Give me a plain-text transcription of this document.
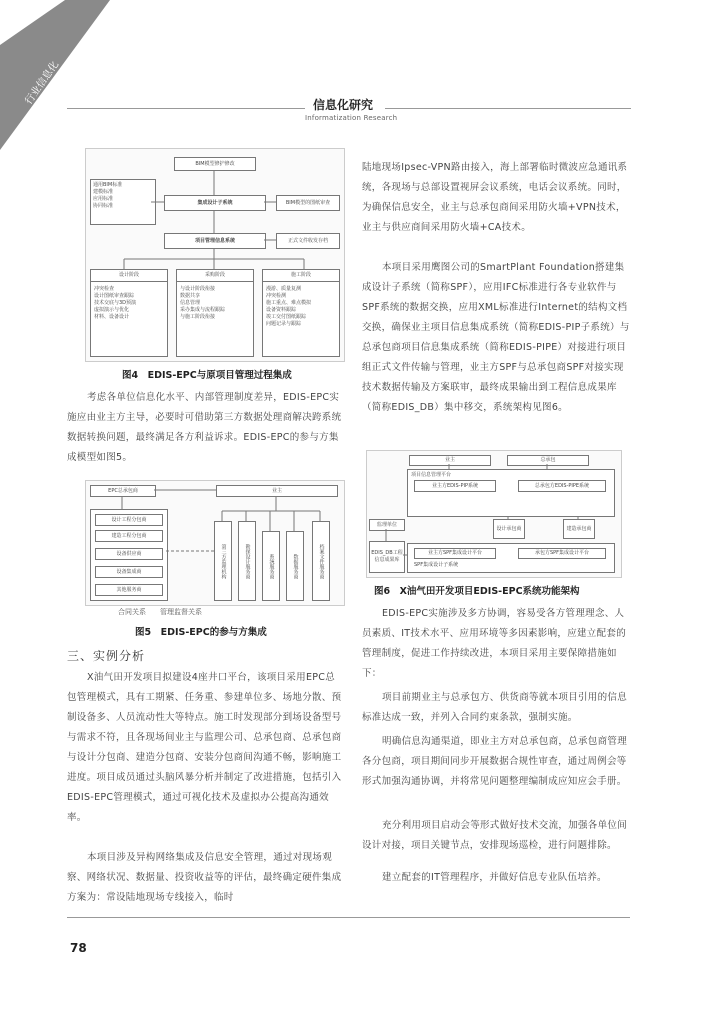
行业信息化	信息化研究
Informatization Research
BIM模型修护修改
集成设计子系统
通用BIM标准
建模标准
应用标准
协同标准
BIM模型的图纸审查
项目管理信息系统	正式文件收发存档
设计阶段
冲突检查
设计图纸审查跟踪
技术交底与3D预演
虚拟演示与优化
材料、设备设计
采购阶段
与设计阶段衔接
数据共享
信息管理
采办集成与流程跟踪
与施工阶段衔接
施工阶段
漫游、质量复测
冲突检测
施工重点、难点模拟
设备资料跟踪
竣工交付图纸跟踪
问题记录与跟踪
图4　EDIS-EPC与原项目管理过程集成
考虑各单位信息化水平、内部管理制度差异，EDIS-EPC实施应由业主方主导，必要时可借助第三方数据处理商解决跨系统数据转换问题，最终满足各方利益诉求。EDIS-EPC的参与方集成模型如图5。
EPC总承包商	业主
设计工程分包商
建造工程分包商
设备供应商
设备集成商
其他服务商
第三方监理机构	勘探设计服务商	系统服务商	数据服务商	档案文件服务商
合同关系　　管理监督关系
图5　EDIS-EPC的参与方集成
三、实例分析
X油气田开发项目拟建设4座井口平台，该项目采用EPC总包管理模式，具有工期紧、任务重、参建单位多、场地分散、预制设备多、人员流动性大等特点。施工时发现部分到场设备型号与需求不符，且各现场间业主与监理公司、总承包商、总承包商与设计分包商、建造分包商、安装分包商间沟通不畅，影响施工进度。项目成员通过头脑风暴分析并制定了改进措施，包括引入EDIS-EPC管理模式，通过可视化技术及虚拟办公提高沟通效率。
本项目涉及异构网络集成及信息安全管理，通过对现场观察、网络状况、数据量、投资收益等的评估，最终确定硬件集成方案为：常设陆地现场专线接入，临时
陆地现场Ipsec-VPN路由接入，海上部署临时微波应急通讯系统，各现场与总部设置视屏会议系统，电话会议系统。同时，为确保信息安全，业主与总承包商间采用防火墙+VPN技术，业主与供应商间采用防火墙+CA技术。
本项目采用鹰图公司的SmartPlant Foundation搭建集成设计子系统（简称SPF），应用IFC标准进行各专业软件与SPF系统的数据交换，应用XML标准进行Internet的结构文档交换，确保业主项目信息集成系统（简称EDIS-PIP子系统）与总承包商项目信息集成系统（简称EDIS-PIPE）对接进行项目组正式文件传输与管理，业主方SPF与总承包商SPF对接实现技术数据传输及方案联审，最终成果输出到工程信息成果库（简称EDIS_DB）集中移交，系统架构见图6。
业主	总承包
项目信息管理平台
业主方EDIS-PIP系统	总承包方EDIS-PIPE系统
监理单位
设计承包商	建造承包商
EDIS_DB工程信息成果库
业主方SPF集成设计平台	承包方SPF集成设计平台
SPF集成设计子系统
图6　X油气田开发项目EDIS-EPC系统功能架构
EDIS-EPC实施涉及多方协调，容易受各方管理理念、人员素质、IT技术水平、应用环境等多因素影响，应建立配套的管理制度，促进工作持续改进，本项目采用主要保障措施如下：
项目前期业主与总承包方、供货商等就本项目引用的信息标准达成一致，并列入合同约束条款，强制实施。
明确信息沟通渠道，即业主方对总承包商，总承包商管理各分包商，项目期间同步开展数据合规性审查，通过周例会等形式加强沟通协调，并将常见问题整理编制成应知应会手册。
充分利用项目启动会等形式做好技术交流，加强各单位间设计对接，项目关键节点，安排现场巡检，进行问题排除。
建立配套的IT管理程序，并做好信息专业队伍培养。
78
